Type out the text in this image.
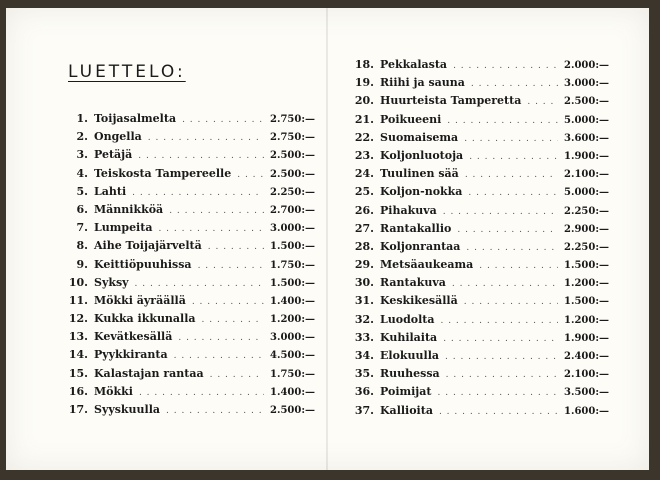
LUETTELO:
1. Toijasalmelta . . .	2.750:—
2. Ongella . . .	2.750:—
3. Petäjä . . .	2.500:—
4. Teiskosta Tampereelle . . .	2.500:—
5. Lahti . . .	2.250:—
6. Männikköä . . .	2.700:—
7. Lumpeita . . .	3.000:—
8. Aihe Toijajärveltä . . .	1.500:—
9. Keittiöpuuhissa . . .	1.750:—
10. Syksy . . .	1.500:—
11. Mökki äyräällä . . .	1.400:—
12. Kukka ikkunalla . . .	1.200:—
13. Kevätkesällä . . .	3.000:—
14. Pyykkiranta . . .	4.500:—
15. Kalastajan rantaa . . .	1.750:—
16. Mökki . . .	1.400:—
17. Syyskuulla . . .	2.500:—
18. Pekkalasta . . .	2.000:—
19. Riihi ja sauna . . .	3.000:—
20. Huurteista Tamperetta . . .	2.500:—
21. Poikueeni . . .	5.000:—
22. Suomaisema . . .	3.600:—
23. Koljonluotoja . . .	1.900:—
24. Tuulinen sää . . .	2.100:—
25. Koljon-nokka . . .	5.000:—
26. Pihakuva . . .	2.250:—
27. Rantakallio . . .	2.900:—
28. Koljonrantaa . . .	2.250:—
29. Metsäaukeama . . .	1.500:—
30. Rantakuva . . .	1.200:—
31. Keskikesällä . . .	1.500:—
32. Luodolta . . .	1.200:—
33. Kuhilaita . . .	1.900:—
34. Elokuulla . . .	2.400:—
35. Ruuhessa . . .	2.100:—
36. Poimijat . . .	3.500:—
37. Kallioita . . .	1.600:—
